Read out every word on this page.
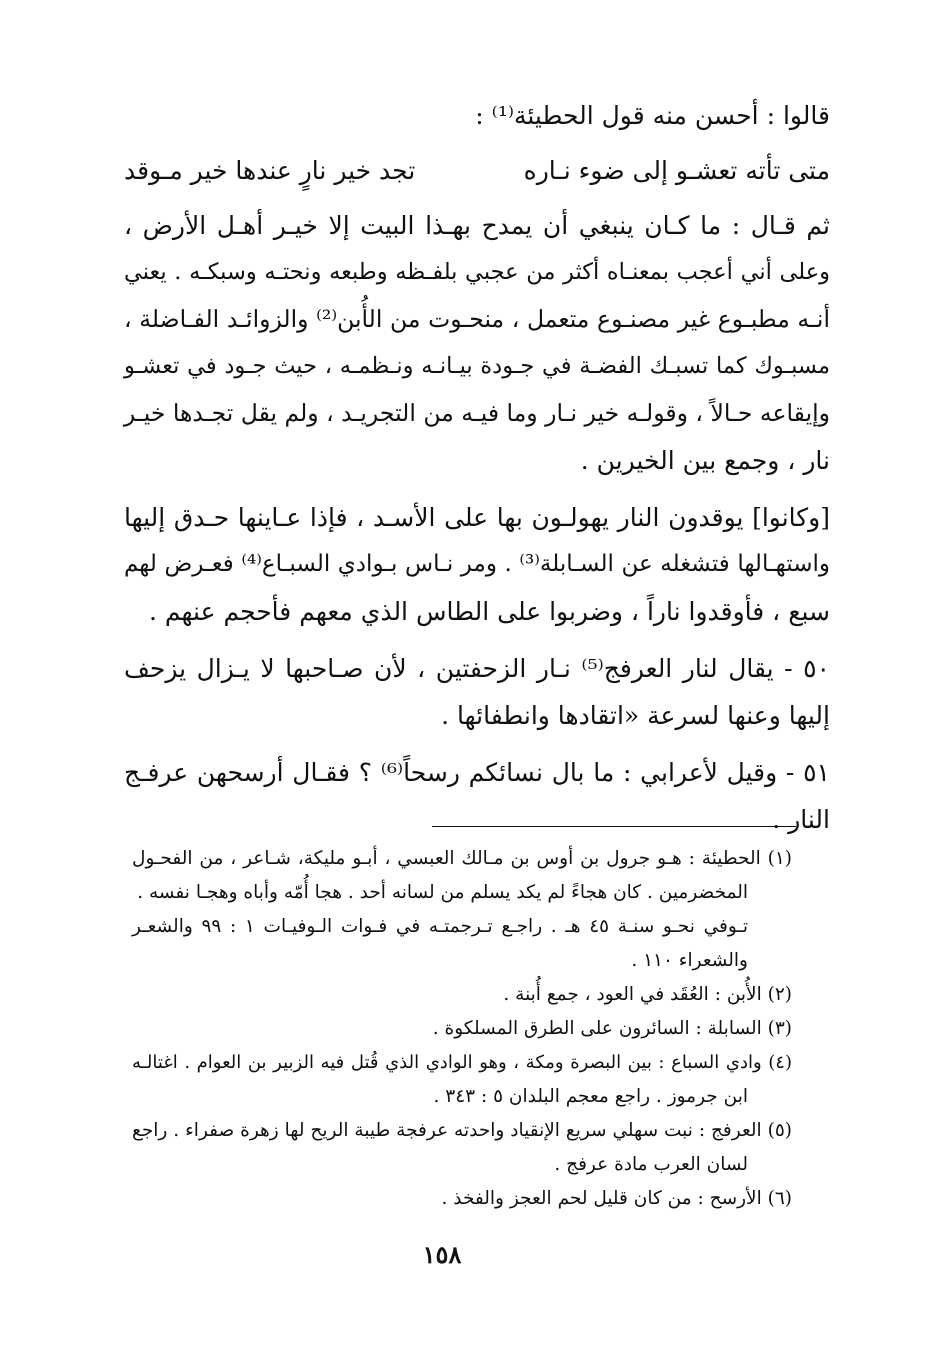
قالوا : أحسن منه قول الحطيئة⁽¹⁾ :
متى تأته تعشـو إلى ضوء نـاره
تجد خير نارٍ عندها خير مـوقد
ثم قـال : ما كـان ينبغي أن يمدح بهـذا البيت إلا خيـر أهـل الأرض ،
وعلى أني أعجب بمعنـاه أكثر من عجبي بلفـظه وطبعه ونحتـه وسبكـه . يعني
أنـه مطبـوع غير مصنـوع متعمل ، منحـوت من الأُبن⁽²⁾ والزوائـد الفـاضلة ،
مسبـوك كما تسبـك الفضـة في جـودة بيـانـه ونـظمـه ، حيث جـود في تعشـو
وإيقاعه حـالاً ، وقولـه خير نـار وما فيـه من التجريـد ، ولم يقل تجـدها خيـر
نار ، وجمع بين الخيرين .
[وكانوا] يوقدون النار يهولـون بها على الأسـد ، فإذا عـاينها حـدق إليها
واستهـالها فتشغله عن السـابلة⁽³⁾ . ومر نـاس بـوادي السبـاع⁽⁴⁾ فعـرض لهم
سبع ، فأوقدوا ناراً ، وضربوا على الطاس الذي معهم فأحجم عنهم .
٥٠ - يقال لنار العرفج⁽⁵⁾ نـار الزحفتين ، لأن صـاحبها لا يـزال يزحف
إليها وعنها لسرعة «اتقادها وانطفائها .
٥١ - وقيل لأعرابي : ما بال نسائكم رسحاً⁽⁶⁾ ؟ فقـال أرسحهن عرفـج
النار .
(١) الحطيئة : هـو جرول بن أوس بن مـالك العبسي ، أبـو مليكة، شـاعر ، من الفحـول
المخضرمين . كان هجاءً لم يكد يسلم من لسانه أحد . هجا أُمّه وأباه وهجـا نفسه .
تـوفي نحـو سنـة ٤٥ هـ . راجـع تـرجمتـه في فـوات الـوفيـات ١ : ٩٩ والشعـر
والشعراء ١١٠ .
(٢) الأُبن : العُقَد في العود ، جمع أُبنة .
(٣) السابلة : السائرون على الطرق المسلكوة .
(٤) وادي السباع : بين البصرة ومكة ، وهو الوادي الذي قُتل فيه الزبير بن العوام . اغتالـه
ابن جرموز . راجع معجم البلدان ٥ : ٣٤٣ .
(٥) العرفج : نبت سهلي سريع الإنقياد واحدته عرفجة طيبة الريح لها زهرة صفراء . راجع
لسان العرب مادة عرفج .
(٦) الأرسح : من كان قليل لحم العجز والفخذ .
١٥٨
